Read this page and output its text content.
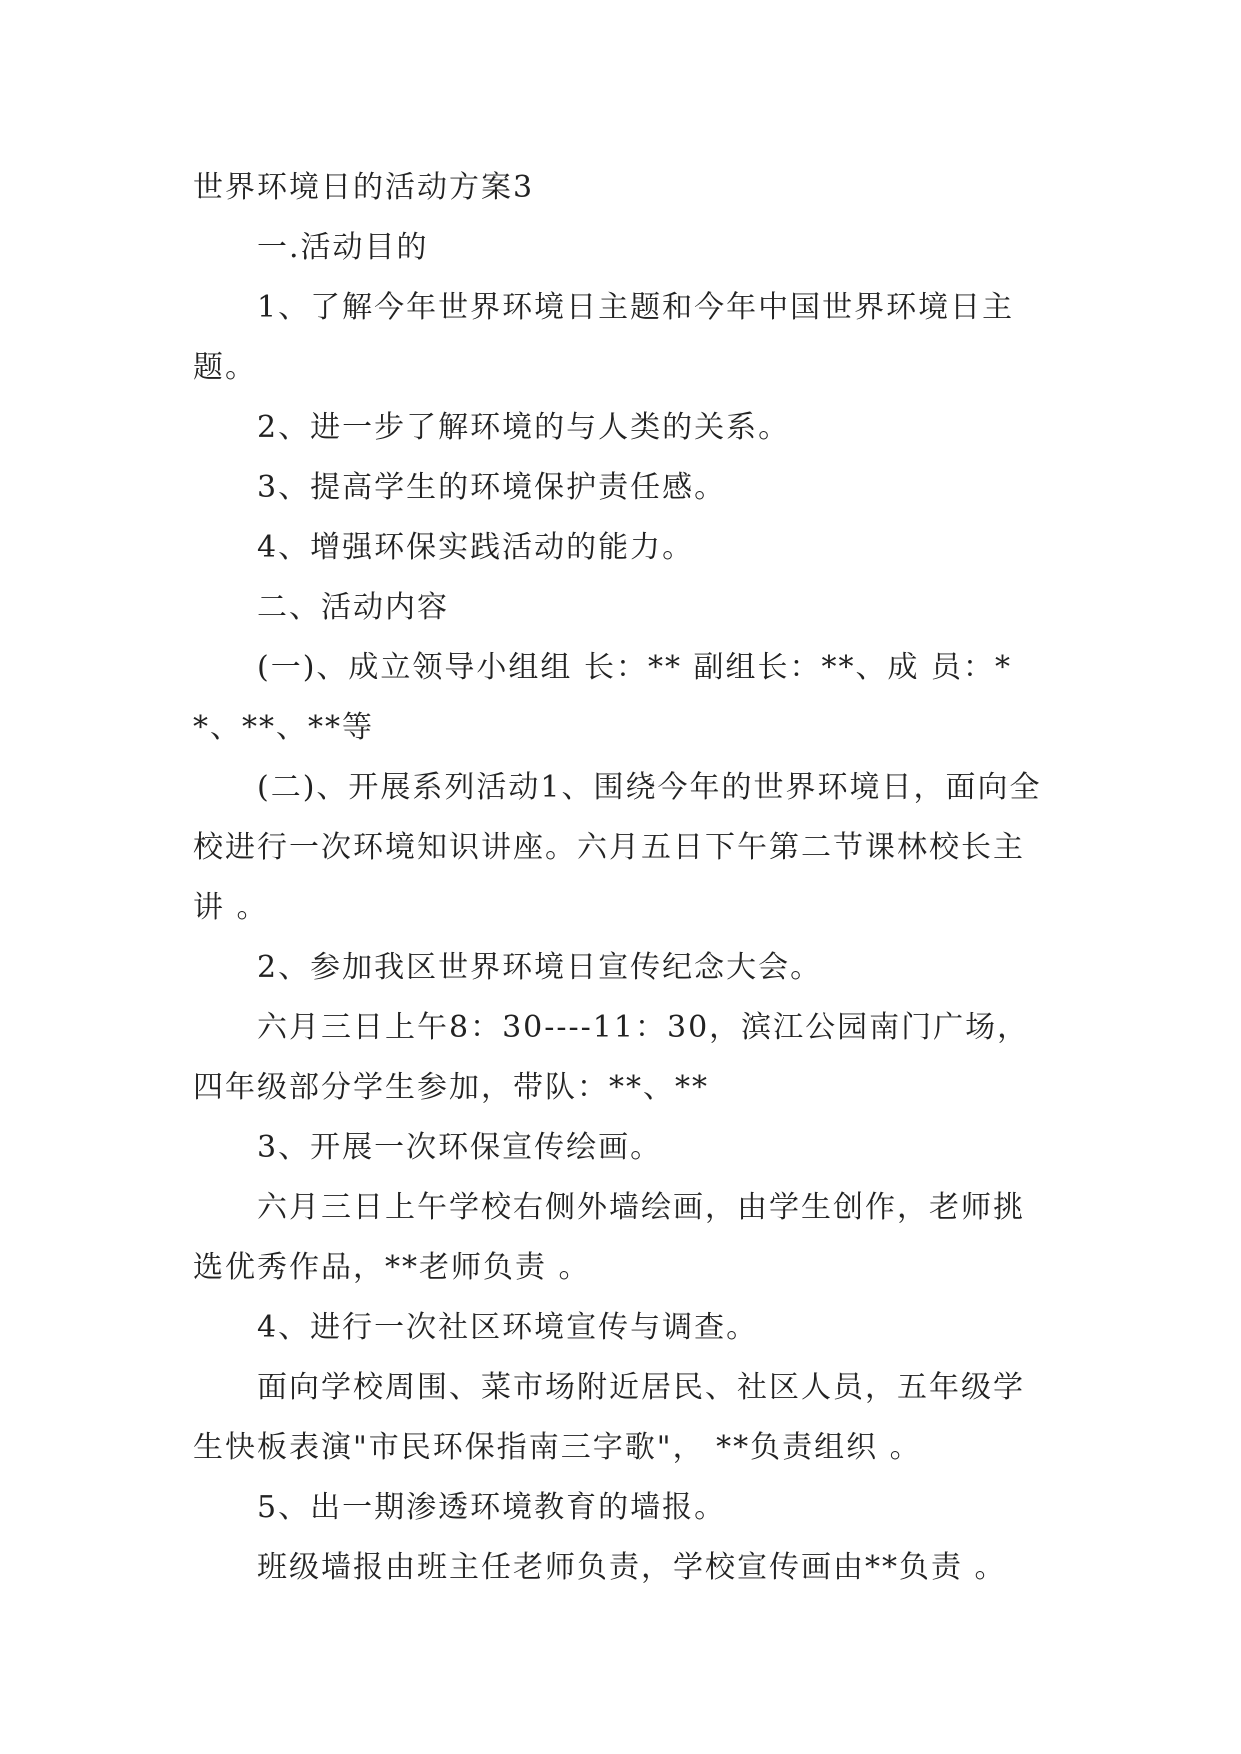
世界环境日的活动方案3

一.活动目的

1、了解今年世界环境日主题和今年中国世界环境日主题。

2、进一步了解环境的与人类的关系。

3、提高学生的环境保护责任感。

4、增强环保实践活动的能力。

二、活动内容

(一)、成立领导小组组 长：** 副组长：**、成 员：**、**、**等

(二)、开展系列活动1、围绕今年的世界环境日，面向全校进行一次环境知识讲座。六月五日下午第二节课林校长主讲 。

2、参加我区世界环境日宣传纪念大会。

六月三日上午8：30----11：30，滨江公园南门广场，四年级部分学生参加，带队：**、**

3、开展一次环保宣传绘画。

六月三日上午学校右侧外墙绘画，由学生创作，老师挑选优秀作品，**老师负责 。

4、进行一次社区环境宣传与调查。

面向学校周围、菜市场附近居民、社区人员，五年级学生快板表演"市民环保指南三字歌"， **负责组织 。

5、出一期渗透环境教育的墙报。

班级墙报由班主任老师负责，学校宣传画由**负责 。
